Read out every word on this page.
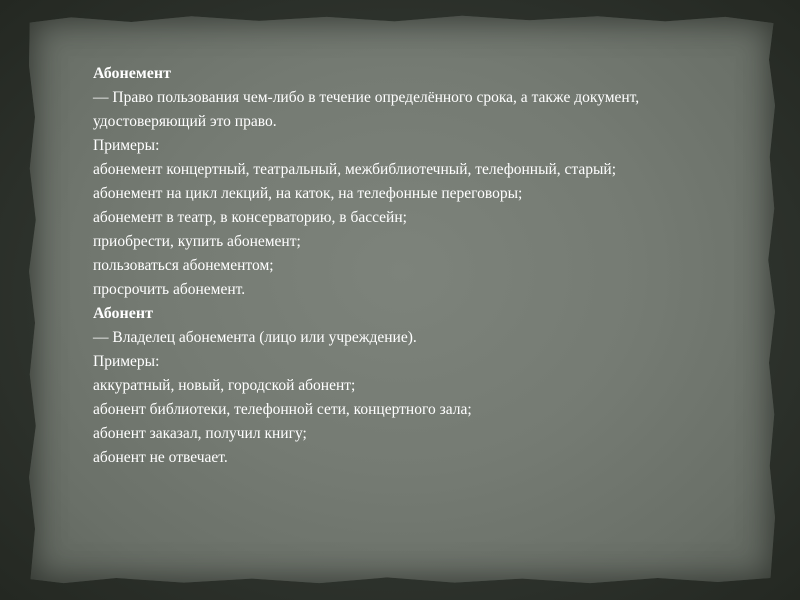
Абонемент
— Право пользования чем-либо в течение определённого срока, а также документ, удостоверяющий это право.
Примеры:
абонемент концертный, театральный, межбиблиотечный, телефонный, старый;
абонемент на цикл лекций, на каток, на телефонные переговоры;
абонемент в театр, в консерваторию, в бассейн;
приобрести, купить абонемент;
пользоваться абонементом;
просрочить абонемент.
Абонент
— Владелец абонемента (лицо или учреждение).
Примеры:
аккуратный, новый, городской абонент;
абонент библиотеки, телефонной сети, концертного зала;
абонент заказал, получил книгу;
абонент не отвечает.
